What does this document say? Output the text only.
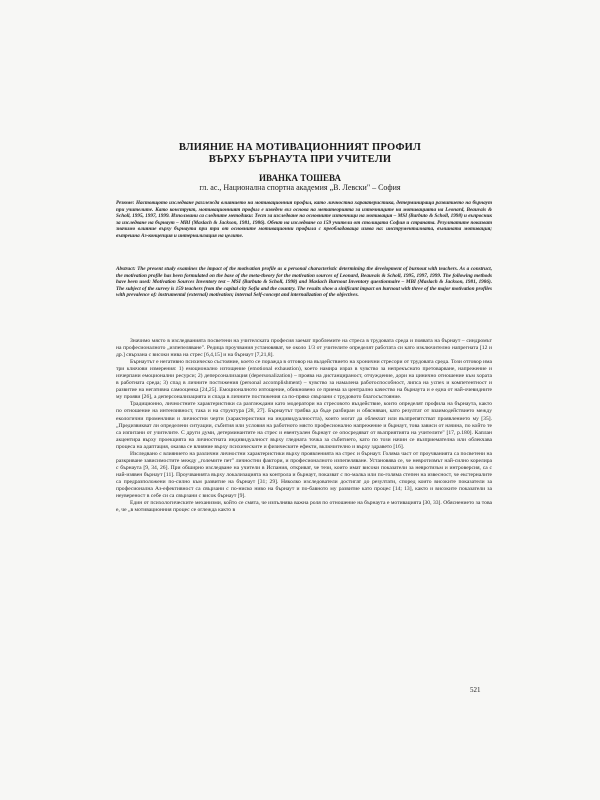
ВЛИЯНИЕ НА МОТИВАЦИОННИЯТ ПРОФИЛ
ВЪРХУ БЪРНАУТА ПРИ УЧИТЕЛИ
ИВАНКА ТОШЕВА
гл. ас., Национална спортна академия „В. Левски" – София
Резюме: Настоящото изследване разглежда влиянието на мотивационния профил, като личностна характеристика, детерминираща развитието на бърнаут при учителите. Като конструкт, мотивационният профил е изведен въз основа на метатеорията за източниците на мотивацията на Leonard, Beauvais & Scholl, 1995, 1997, 1999. Използвани са следните методики: Тест за изследване на основните източници на мотивация – MSI (Barbuto & Scholl, 1998) и въпросник за изследване на бърнаут – MBI (Maslach & Jackson, 1981, 1986). Обект на изследване са 159 учители от столицата София и страната. Резултатите показват значимо влияние върху бърнаута при три от основните мотивационни профила с преобладаваща изява на: инструменталната, външната мотивация; вътрешна Аз-концепция и интернализация на целите.
Abstract: The present study examines the impact of the motivation profile as a personal characteristic determining the development of burnout with teachers. As a construct, the motivation profile has been formulated on the base of the meta-theory for the motivation sources of Leonard, Beauvais & Scholl, 1995, 1997, 1999. The following methods have been used: Motivation Sources Inventory test – MSI (Barbuto & Scholl, 1998) and Maslach Burnout Inventory questionnaire – MBI (Maslach & Jackson, 1981, 1986). The subject of the survey is 159 teachers from the capital city Sofia and the country. The results show a sinificant impact on burnout with three of the major motivation profiles with prevalence of: instrumental (external) motivation; internal Self-concept and internalization of the objectives.

Значимо място в изследванията посветени на учителската професия заемат проблемите на стреса в трудовата среда и появата на бърнаут – синдромът на професионалното „изпепеляване". Редица проучвания установяват, че около 1/3 от учителите определят работата си като изключително напрегната [12 и др.] свързана с високи нива на стрес [6,4,15] и на бърнаут [7,21,8].

Бърнаутът е негативно психическо състояние, което се поражда в отговор на въздействието на хронични стресори от трудовата среда. Този отговор има три ключови измерения: 1) емоционално изтощение (emotional exhaustion), което намира израз в чувство за непрекъснато претоварване, напрежение и изчерпани емоционални ресурси; 2) деперсонализация (depersonalization) – проява на дистанцираност, отчуждение, дори на цинично отношение към хората в работната среда; 3) спад в личните постижения (personal accomplishment) – чувство за намалена работоспособност, липса на успех и компетентност и развитие на негативна самооценка [24,25]. Емоционалното изтощение, обикновено се приема за централно качество на бърнаута и е една от най-очевидните му прояви [26], а деперсонализацията и спада в личните постижения са по-пряко свързани с трудовото благосъстояние.

Традиционно, личностните характеристики са разглеждани като модератори на стресовото въздействие, които определят профила на бърнаута, както по отношение на интензивност, така и на структура [28, 27]. Бърнаутът трябва да бъде разбиран и обясняван, като резултат от взаимодействието между екологични променливи и личностни черти (характеристики на индивидуалността), които могат да облекчат или възпрепятстват проявлението му [35]. „Предизвикват ли определени ситуации, събития или условия на работното място професионално напрежение и бърнаут, това зависи от начина, по който те са изпитани от учителите. С други думи, детерминантите на стрес и евентуален бърнаут се опосредяват от възприятията на учителите" [17, p.180]. Каплан акцентира върху проекцията на личностната индивидуалност върху гледната точка за събитието, като по този начин се възприемателна или облекчава процеса на адаптация, оказва се влияние върху психическите и физическите ефекти, включително и върху здравето [16].

Изследвано с влиянието на различни личностни характеристики върху проявленията на стрес и бърнаут. Голяма част от проучванията са посветени на разкриване зависимостите между „големите пет" личностни фактори, и професионалното изпепеляване. Установява се, че невротизмът най-силно корелира с бърнаута [9, 34, 26]. При обширно изследване на учители в Испания, откриват, че тези, които имат високи показатели за невротизъм и интроверсия, са с най-изявен бърнаут [11]. Проучванията върху локализацията на контрола и бърнаут, показват с по-малка или по-голяма степен на извесност, че екстерналите са предразположени по-силно към развитие на бърнаут [31; 29]. Няколко изследователи достигат до резултати, според които високите показатели за професионална Аз-ефективност са свързани с по-ниско ниво на бърнаут и по-бавното му развитие като процес [14; 13], както и високите показатели за неувереност в себе си са свързани с висок бърнаут [9].

Един от психологическите механизми, който се смята, че изпълнява важна роля по отношение на бърнаута е мотивацията [30, 33]. Обяснението за това е, че „в мотивационния процес се оглежда както в

521
